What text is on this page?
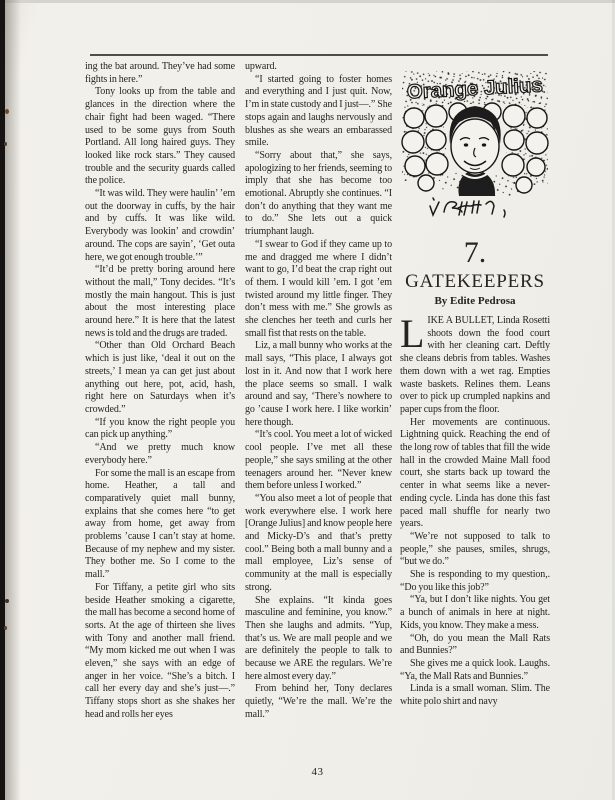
ing the bat around. They’ve had some fights in here.”

Tony looks up from the table and glances in the direction where the chair fight had been waged. “There used to be some guys from South Portland. All long haired guys. They looked like rock stars.” They caused trouble and the security guards called the police.

“It was wild. They were haulin’ ’em out the doorway in cuffs, by the hair and by cuffs. It was like wild. Everybody was lookin’ and crowdin’ around. The cops are sayin’, ‘Get outa here, we got enough trouble.’”

“It’d be pretty boring around here without the mall,” Tony decides. “It’s mostly the main hangout. This is just about the most interesting place around here.” It is here that the latest news is told and the drugs are traded.

“Other than Old Orchard Beach which is just like, ‘deal it out on the streets,’ I mean ya can get just about anything out here, pot, acid, hash, right here on Saturdays when it’s crowded.”

“If you know the right people you can pick up anything.”

“And we pretty much know everybody here.”

For some the mall is an escape from home. Heather, a tall and comparatively quiet mall bunny, explains that she comes here “to get away from home, get away from problems ’cause I can’t stay at home. Because of my nephew and my sister. They bother me. So I come to the mall.”

For Tiffany, a petite girl who sits beside Heather smoking a cigarette, the mall has become a second home of sorts. At the age of thirteen she lives with Tony and another mall friend. “My mom kicked me out when I was eleven,” she says with an edge of anger in her voice. “She’s a bitch. I call her every day and she’s just—.” Tiffany stops short as she shakes her head and rolls her eyes

upward.

“I started going to foster homes and everything and I just quit. Now, I’m in state custody and I just—.” She stops again and laughs nervously and blushes as she wears an embarassed smile.

“Sorry about that,” she says, apologizing to her friends, seeming to imply that she has become too emotional. Abruptly she continues. “I don’t do anything that they want me to do.” She lets out a quick triumphant laugh.

“I swear to God if they came up to me and dragged me where I didn’t want to go, I’d beat the crap right out of them. I would kill ’em. I got ’em twisted around my little finger. They don’t mess with me.” She growls as she clenches her teeth and curls her small fist that rests on the table.

Liz, a mall bunny who works at the mall says, “This place, I always got lost in it. And now that I work here the place seems so small. I walk around and say, ‘There’s nowhere to go ’cause I work here. I like workin’ here though.

“It’s cool. You meet a lot of wicked cool people. I’ve met all these people,” she says smiling at the other teenagers around her. “Never knew them before unless I worked.”

“You also meet a lot of people that work everywhere else. I work here [Orange Julius] and know people here and Micky-D’s and that’s pretty cool.” Being both a mall bunny and a mall employee, Liz’s sense of community at the mall is especially strong.

She explains. “It kinda goes masculine and feminine, you know.” Then she laughs and admits. “Yup, that’s us. We are mall people and we are definitely the people to talk to because we ARE the regulars. We’re here almost every day.”

From behind her, Tony declares quietly, “We’re the mall. We’re the mall.”

Orange Julius
7.
GATEKEEPERS
By Edite Pedrosa

LIKE A BULLET, Linda Rosetti shoots down the food court with her cleaning cart. Deftly she cleans debris from tables. Washes them down with a wet rag. Empties waste baskets. Relines them. Leans over to pick up crumpled napkins and paper cups from the floor.

Her movements are continuous. Lightning quick. Reaching the end of the long row of tables that fill the wide hall in the crowded Maine Mall food court, she starts back up toward the center in what seems like a never-ending cycle. Linda has done this fast paced mall shuffle for nearly two years.

“We’re not supposed to talk to people,” she pauses, smiles, shrugs, “but we do.”

She is responding to my question,. “Do you like this job?”

“Ya, but I don’t like nights. You get a bunch of animals in here at night. Kids, you know. They make a mess.

“Oh, do you mean the Mall Rats and Bunnies?”

She gives me a quick look. Laughs. “Ya, the Mall Rats and Bunnies.”

Linda is a small woman. Slim. The white polo shirt and navy

43
